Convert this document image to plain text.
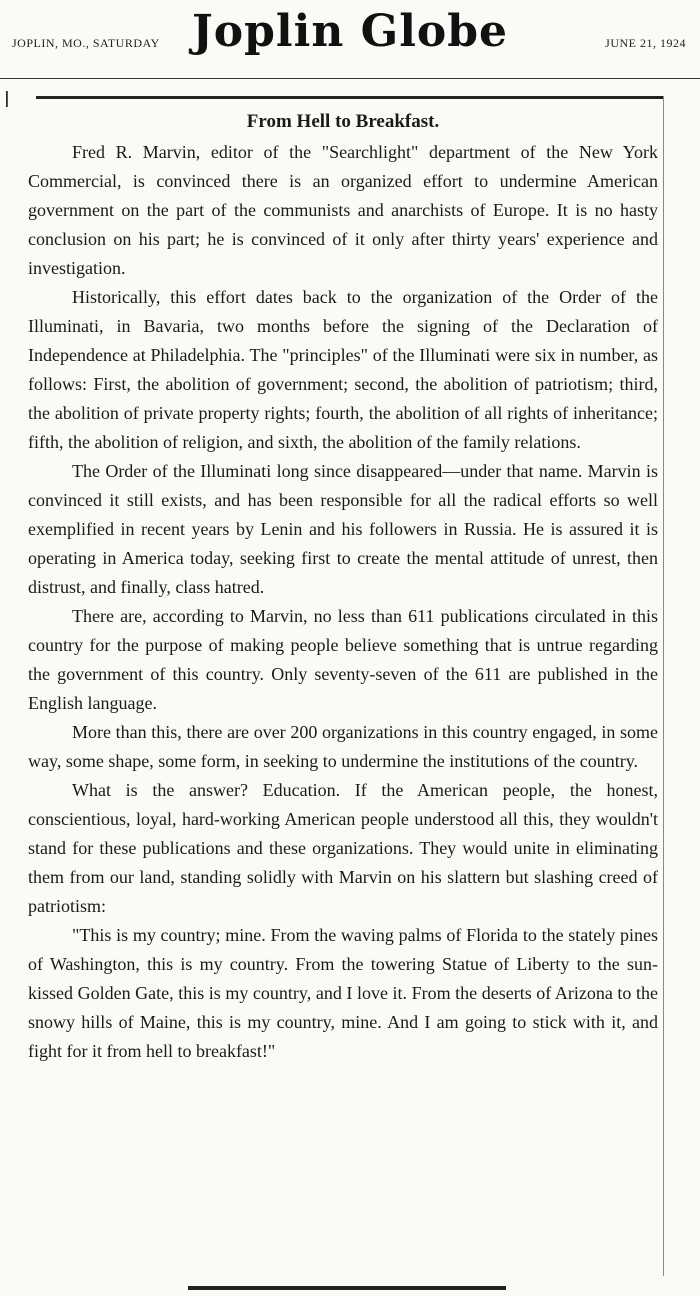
JOPLIN, MO., SATURDAY Joplin Globe	JUNE 21, 1924
|
From Hell to Breakfast.

Fred R. Marvin, editor of the "Searchlight" department of the New York Commercial, is convinced there is an organized effort to undermine American government on the part of the communists and anarchists of Europe. It is no hasty conclusion on his part; he is convinced of it only after thirty years' experience and investigation.

Historically, this effort dates back to the organization of the Order of the Illuminati, in Bavaria, two months before the signing of the Declaration of Independence at Philadelphia. The "principles" of the Illuminati were six in number, as follows: First, the abolition of government; second, the abolition of patriotism; third, the abolition of private property rights; fourth, the abolition of all rights of inheritance; fifth, the abolition of religion, and sixth, the abolition of the family relations.

The Order of the Illuminati long since disappeared—under that name. Marvin is convinced it still exists, and has been responsible for all the radical efforts so well exemplified in recent years by Lenin and his followers in Russia. He is assured it is operating in America today, seeking first to create the mental attitude of unrest, then distrust, and finally, class hatred.

There are, according to Marvin, no less than 611 publications circulated in this country for the purpose of making people believe something that is untrue regarding the government of this country. Only seventy-seven of the 611 are published in the English language.

More than this, there are over 200 organizations in this country engaged, in some way, some shape, some form, in seeking to undermine the institutions of the country.

What is the answer? Education. If the American people, the honest, conscientious, loyal, hard-working American people understood all this, they wouldn't stand for these publications and these organizations. They would unite in eliminating them from our land, standing solidly with Marvin on his slattern but slashing creed of patriotism:

"This is my country; mine. From the waving palms of Florida to the stately pines of Washington, this is my country. From the towering Statue of Liberty to the sun-kissed Golden Gate, this is my country, and I love it. From the deserts of Arizona to the snowy hills of Maine, this is my country, mine. And I am going to stick with it, and fight for it from hell to breakfast!"
